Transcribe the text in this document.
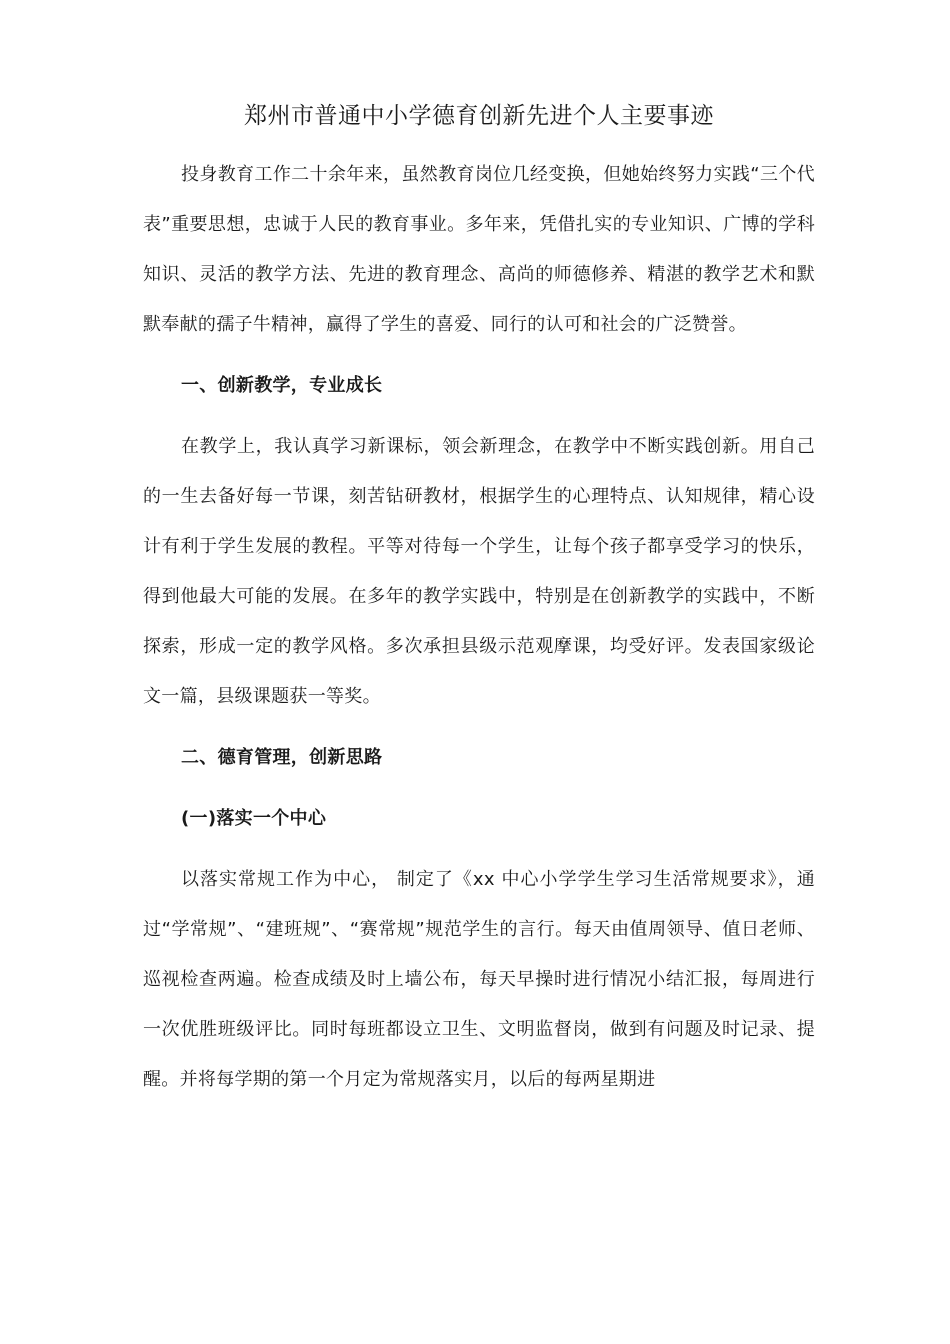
郑州市普通中小学德育创新先进个人主要事迹

投身教育工作二十余年来，虽然教育岗位几经变换，但她始终努力实践“三个代表”重要思想，忠诚于人民的教育事业。多年来，凭借扎实的专业知识、广博的学科知识、灵活的教学方法、先进的教育理念、高尚的师德修养、精湛的教学艺术和默默奉献的孺子牛精神，赢得了学生的喜爱、同行的认可和社会的广泛赞誉。

一、创新教学，专业成长

在教学上，我认真学习新课标，领会新理念，在教学中不断实践创新。用自己的一生去备好每一节课，刻苦钻研教材，根据学生的心理特点、认知规律，精心设计有利于学生发展的教程。平等对待每一个学生，让每个孩子都享受学习的快乐，得到他最大可能的发展。在多年的教学实践中，特别是在创新教学的实践中，不断探索，形成一定的教学风格。多次承担县级示范观摩课，均受好评。发表国家级论文一篇，县级课题获一等奖。

二、德育管理，创新思路

(一)落实一个中心

以落实常规工作为中心， 制定了《xx 中心小学学生学习生活常规要求》，通过“学常规”、“建班规”、“赛常规”规范学生的言行。每天由值周领导、值日老师、巡视检查两遍。检查成绩及时上墙公布，每天早操时进行情况小结汇报，每周进行一次优胜班级评比。同时每班都设立卫生、文明监督岗，做到有问题及时记录、提醒。并将每学期的第一个月定为常规落实月，以后的每两星期进
